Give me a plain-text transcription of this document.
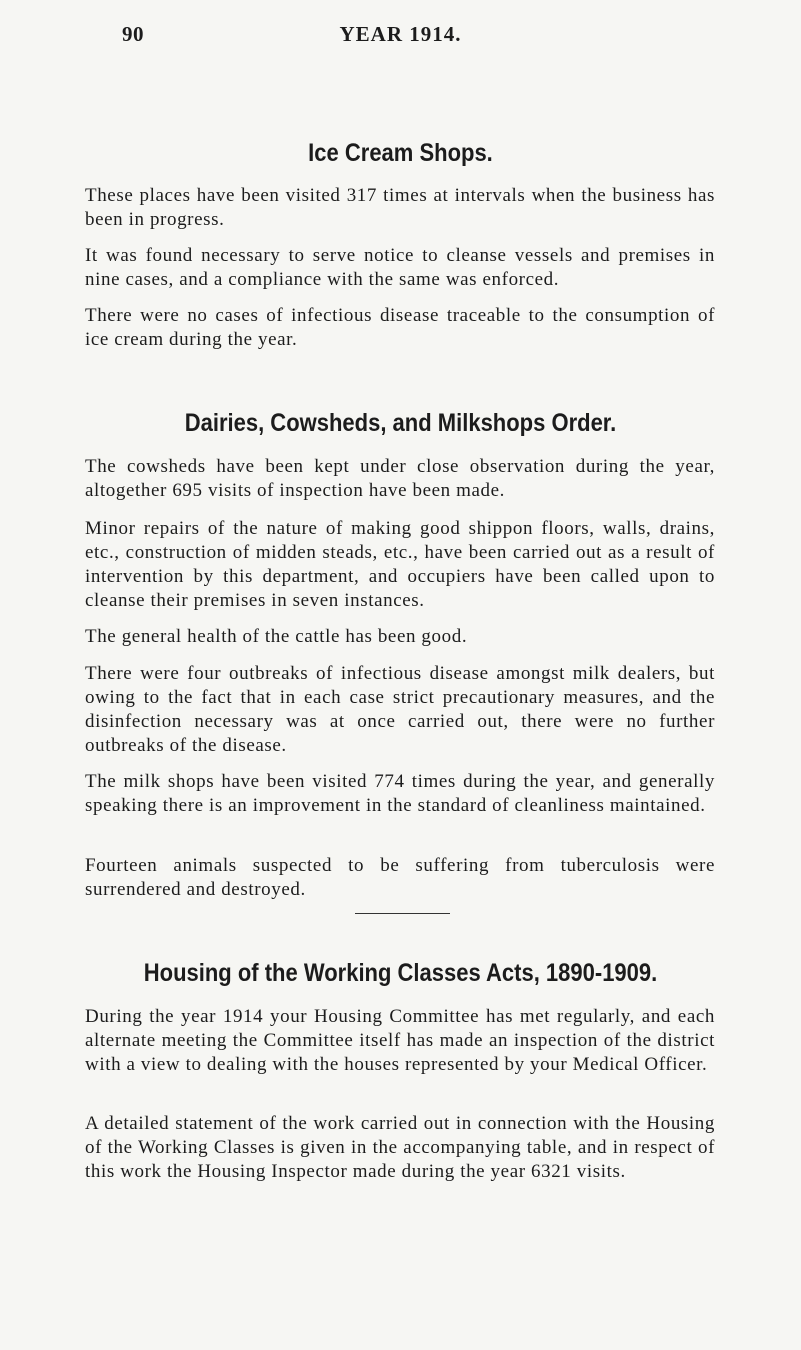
90	YEAR 1914.
Ice Cream Shops.

These places have been visited 317 times at intervals when the business has been in progress.

It was found necessary to serve notice to cleanse vessels and premises in nine cases, and a compliance with the same was enforced.

There were no cases of infectious disease traceable to the consumption of ice cream during the year.

Dairies, Cowsheds, and Milkshops Order.

The cowsheds have been kept under close observation during the year, altogether 695 visits of inspection have been made.

Minor repairs of the nature of making good shippon floors, walls, drains, etc., construction of midden steads, etc., have been carried out as a result of intervention by this department, and occupiers have been called upon to cleanse their premises in seven instances.

The general health of the cattle has been good.

There were four outbreaks of infectious disease amongst milk dealers, but owing to the fact that in each case strict precautionary measures, and the disinfection necessary was at once carried out, there were no further outbreaks of the disease.

The milk shops have been visited 774 times during the year, and generally speaking there is an improvement in the standard of cleanliness maintained.

Fourteen animals suspected to be suffering from tuberculosis were surrendered and destroyed.

Housing of the Working Classes Acts, 1890-1909.

During the year 1914 your Housing Committee has met regularly, and each alternate meeting the Committee itself has made an inspection of the district with a view to dealing with the houses represented by your Medical Officer.

A detailed statement of the work carried out in connection with the Housing of the Working Classes is given in the accompanying table, and in respect of this work the Housing Inspector made during the year 6321 visits.
